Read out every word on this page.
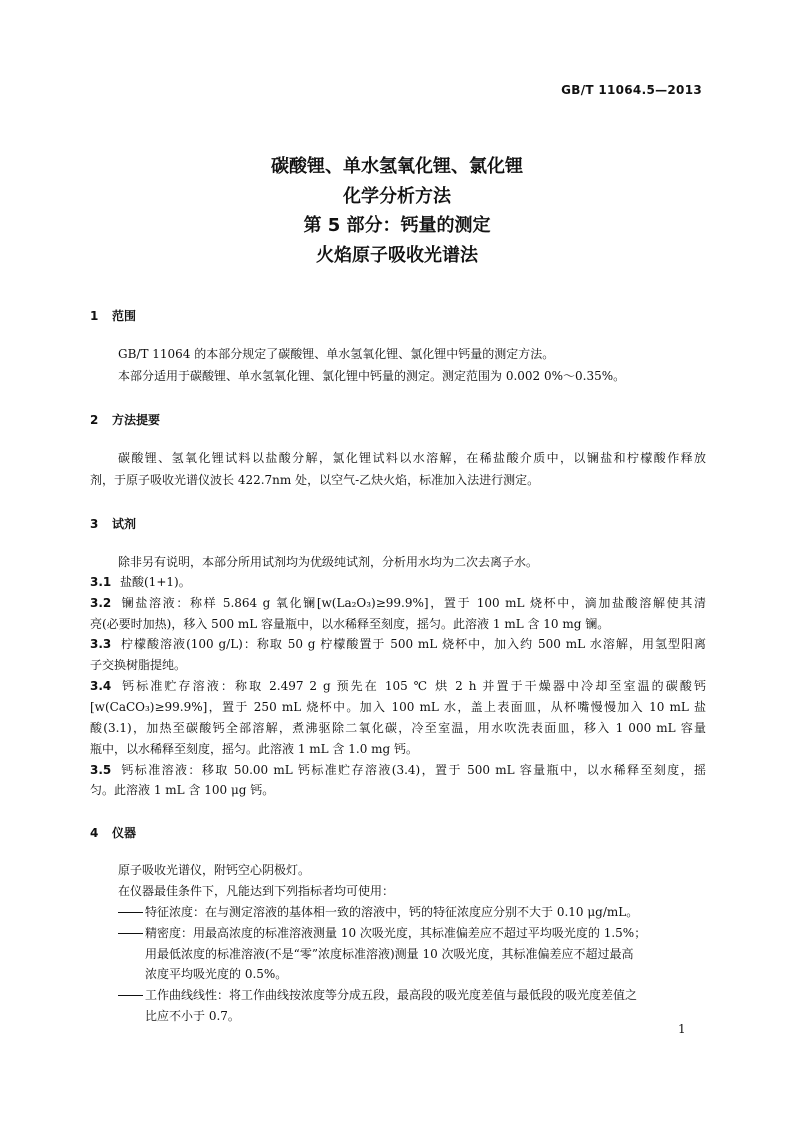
GB/T 11064.5—2013
碳酸锂、单水氢氧化锂、氯化锂
化学分析方法
第 5 部分：钙量的测定
火焰原子吸收光谱法
1 范围
GB/T 11064 的本部分规定了碳酸锂、单水氢氧化锂、氯化锂中钙量的测定方法。
本部分适用于碳酸锂、单水氢氧化锂、氯化锂中钙量的测定。测定范围为 0.002 0%～0.35%。
2 方法提要
碳酸锂、氢氧化锂试料以盐酸分解，氯化锂试料以水溶解，在稀盐酸介质中，以镧盐和柠檬酸作释放
剂，于原子吸收光谱仪波长 422.7nm 处，以空气-乙炔火焰，标准加入法进行测定。
3 试剂
除非另有说明，本部分所用试剂均为优级纯试剂，分析用水均为二次去离子水。
3.1 盐酸(1+1)。
3.2 镧盐溶液：称样 5.864 g 氧化镧[w(La₂O₃)≥99.9%]，置于 100 mL 烧杯中，滴加盐酸溶解使其清
亮(必要时加热)，移入 500 mL 容量瓶中，以水稀释至刻度，摇匀。此溶液 1 mL 含 10 mg 镧。
3.3 柠檬酸溶液(100 g/L)：称取 50 g 柠檬酸置于 500 mL 烧杯中，加入约 500 mL 水溶解，用氢型阳离
子交换树脂提纯。
3.4 钙标准贮存溶液：称取 2.497 2 g 预先在 105 ℃ 烘 2 h 并置于干燥器中冷却至室温的碳酸钙
[w(CaCO₃)≥99.9%]，置于 250 mL 烧杯中。加入 100 mL 水，盖上表面皿，从杯嘴慢慢加入 10 mL 盐
酸(3.1)，加热至碳酸钙全部溶解，煮沸驱除二氧化碳，冷至室温，用水吹洗表面皿，移入 1 000 mL 容量
瓶中，以水稀释至刻度，摇匀。此溶液 1 mL 含 1.0 mg 钙。
3.5 钙标准溶液：移取 50.00 mL 钙标准贮存溶液(3.4)，置于 500 mL 容量瓶中，以水稀释至刻度，摇
匀。此溶液 1 mL 含 100 μg 钙。
4 仪器
原子吸收光谱仪，附钙空心阴极灯。
在仪器最佳条件下，凡能达到下列指标者均可使用：
特征浓度：在与测定溶液的基体相一致的溶液中，钙的特征浓度应分别不大于 0.10 μg/mL。
精密度：用最高浓度的标准溶液测量 10 次吸光度，其标准偏差应不超过平均吸光度的 1.5%；
用最低浓度的标准溶液(不是“零”浓度标准溶液)测量 10 次吸光度，其标准偏差应不超过最高
浓度平均吸光度的 0.5%。
工作曲线线性：将工作曲线按浓度等分成五段，最高段的吸光度差值与最低段的吸光度差值之
比应不小于 0.7。
1
